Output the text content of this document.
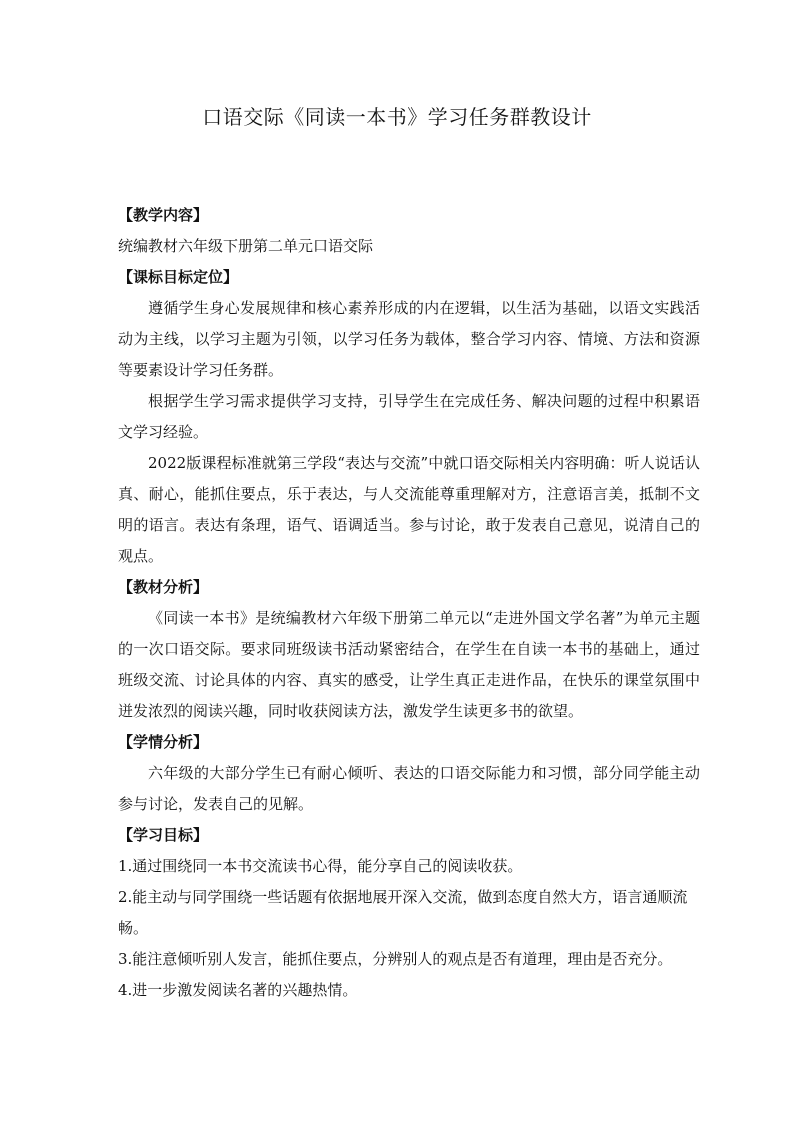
口语交际《同读一本书》学习任务群教设计

【教学内容】

统编教材六年级下册第二单元口语交际

【课标目标定位】

遵循学生身心发展规律和核心素养形成的内在逻辑，以生活为基础，以语文实践活动为主线，以学习主题为引领，以学习任务为载体，整合学习内容、情境、方法和资源等要素设计学习任务群。

根据学生学习需求提供学习支持，引导学生在完成任务、解决问题的过程中积累语文学习经验。

2022版课程标准就第三学段“表达与交流”中就口语交际相关内容明确：听人说话认真、耐心，能抓住要点，乐于表达，与人交流能尊重理解对方，注意语言美，抵制不文明的语言。表达有条理，语气、语调适当。参与讨论，敢于发表自己意见，说清自己的观点。

【教材分析】

《同读一本书》是统编教材六年级下册第二单元以“走进外国文学名著”为单元主题的一次口语交际。要求同班级读书活动紧密结合，在学生在自读一本书的基础上，通过班级交流、讨论具体的内容、真实的感受，让学生真正走进作品，在快乐的课堂氛围中迸发浓烈的阅读兴趣，同时收获阅读方法，激发学生读更多书的欲望。

【学情分析】

六年级的大部分学生已有耐心倾听、表达的口语交际能力和习惯，部分同学能主动参与讨论，发表自己的见解。

【学习目标】

1.通过围绕同一本书交流读书心得，能分享自己的阅读收获。

2.能主动与同学围绕一些话题有依据地展开深入交流，做到态度自然大方，语言通顺流畅。

3.能注意倾听别人发言，能抓住要点，分辨别人的观点是否有道理，理由是否充分。

4.进一步激发阅读名著的兴趣热情。
